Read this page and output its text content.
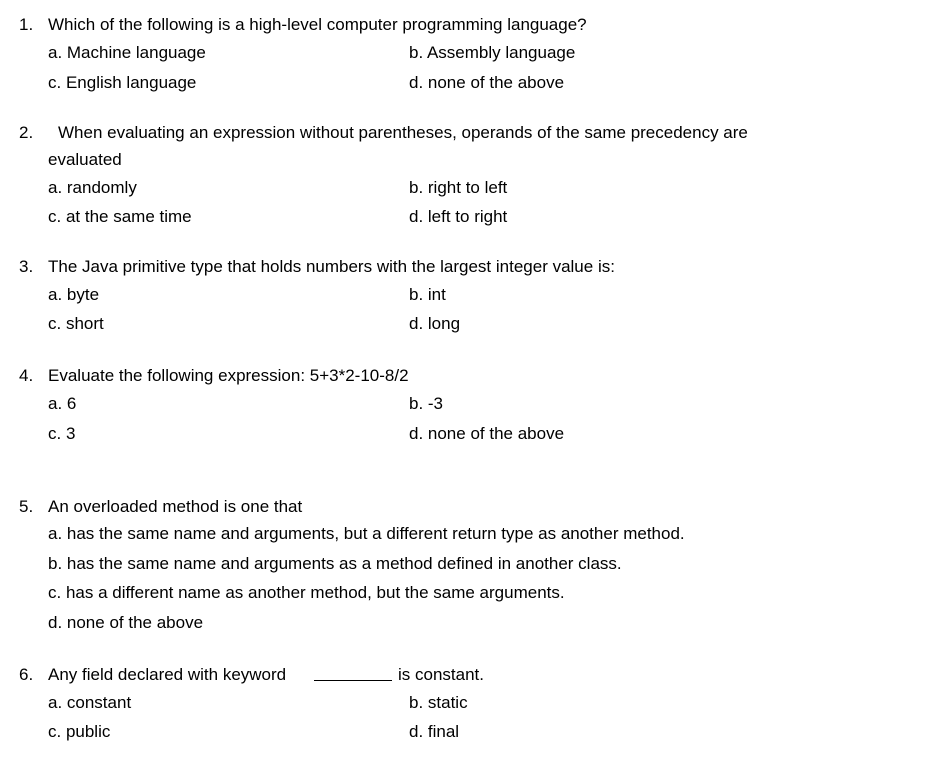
1. Which of the following is a high-level computer programming language?
a. Machine language	b. Assembly language
c. English language	d. none of the above
2. When evaluating an expression without parentheses, operands of the same precedency are
evaluated
a. randomly	b. right to left
c. at the same time	d. left to right
3. The Java primitive type that holds numbers with the largest integer value is:
a. byte	b. int
c. short	d. long
4. Evaluate the following expression: 5+3*2-10-8/2
a. 6	b. -3
c. 3	d. none of the above
5. An overloaded method is one that
a. has the same name and arguments, but a different return type as another method.
b. has the same name and arguments as a method defined in another class.
c. has a different name as another method, but the same arguments.
d. none of the above
6. Any field declared with keyword	is constant.
a. constant	b. static
c. public	d. final
